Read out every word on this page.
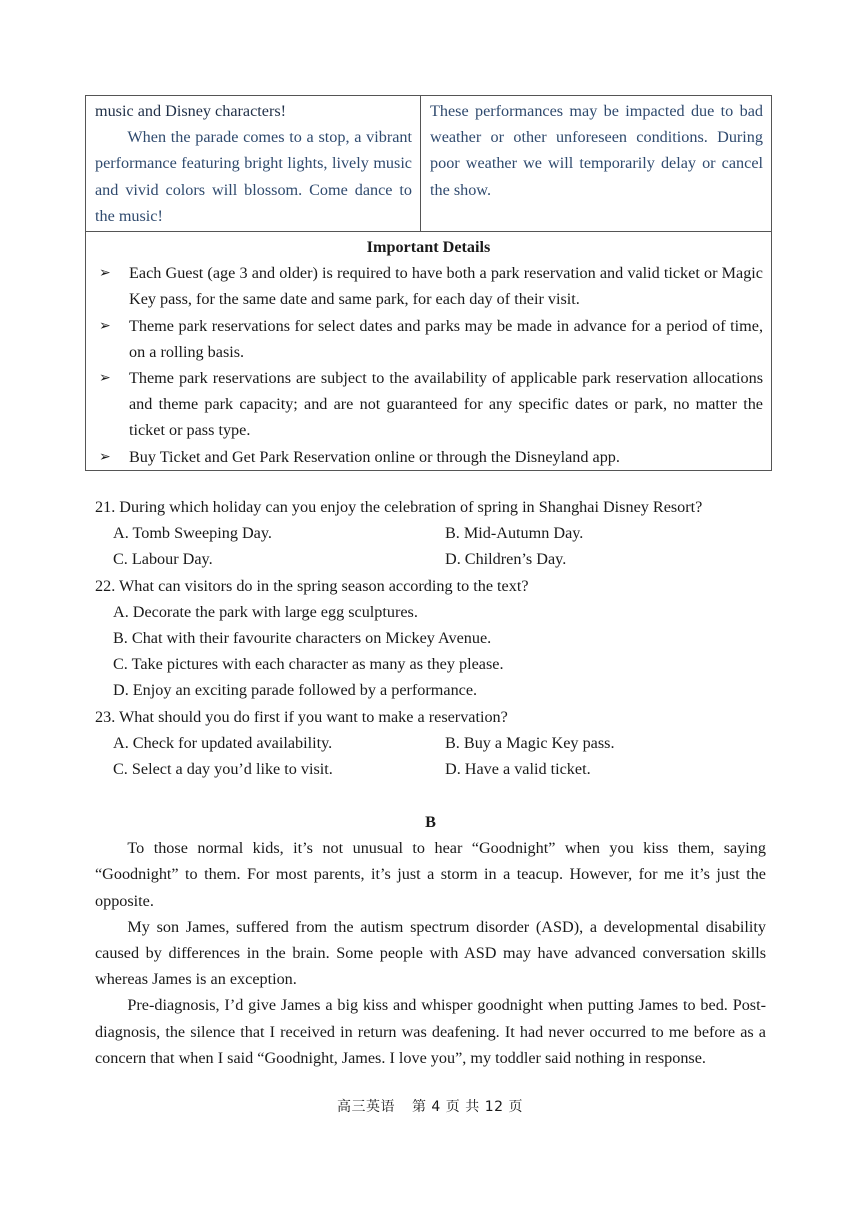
music and Disney characters!
When the parade comes to a stop, a vibrant performance featuring bright lights, lively music and vivid colors will blossom. Come dance to the music!
These performances may be impacted due to bad weather or other unforeseen conditions. During poor weather we will temporarily delay or cancel the show.
Important Details
➢	Each Guest (age 3 and older) is required to have both a park reservation and valid ticket or Magic Key pass, for the same date and same park, for each day of their visit.
➢	Theme park reservations for select dates and parks may be made in advance for a period of time, on a rolling basis.
➢	Theme park reservations are subject to the availability of applicable park reservation allocations and theme park capacity; and are not guaranteed for any specific dates or park, no matter the ticket or pass type.
➢	Buy Ticket and Get Park Reservation online or through the Disneyland app.

21. During which holiday can you enjoy the celebration of spring in Shanghai Disney Resort?

A. Tomb Sweeping Day.	B. Mid-Autumn Day.
C. Labour Day.	D. Children’s Day.

22. What can visitors do in the spring season according to the text?

A. Decorate the park with large egg sculptures.
B. Chat with their favourite characters on Mickey Avenue.
C. Take pictures with each character as many as they please.
D. Enjoy an exciting parade followed by a performance.

23. What should you do first if you want to make a reservation?

A. Check for updated availability.	B. Buy a Magic Key pass.
C. Select a day you’d like to visit.	D. Have a valid ticket.

B

To those normal kids, it’s not unusual to hear “Goodnight” when you kiss them, saying “Goodnight” to them. For most parents, it’s just a storm in a teacup. However, for me it’s just the opposite.

My son James, suffered from the autism spectrum disorder (ASD), a developmental disability caused by differences in the brain. Some people with ASD may have advanced conversation skills whereas James is an exception.

Pre-diagnosis, I’d give James a big kiss and whisper goodnight when putting James to bed. Post-diagnosis, the silence that I received in return was deafening. It had never occurred to me before as a concern that when I said “Goodnight, James. I love you”, my toddler said nothing in response.

高三英语 第 4 页 共 12 页
